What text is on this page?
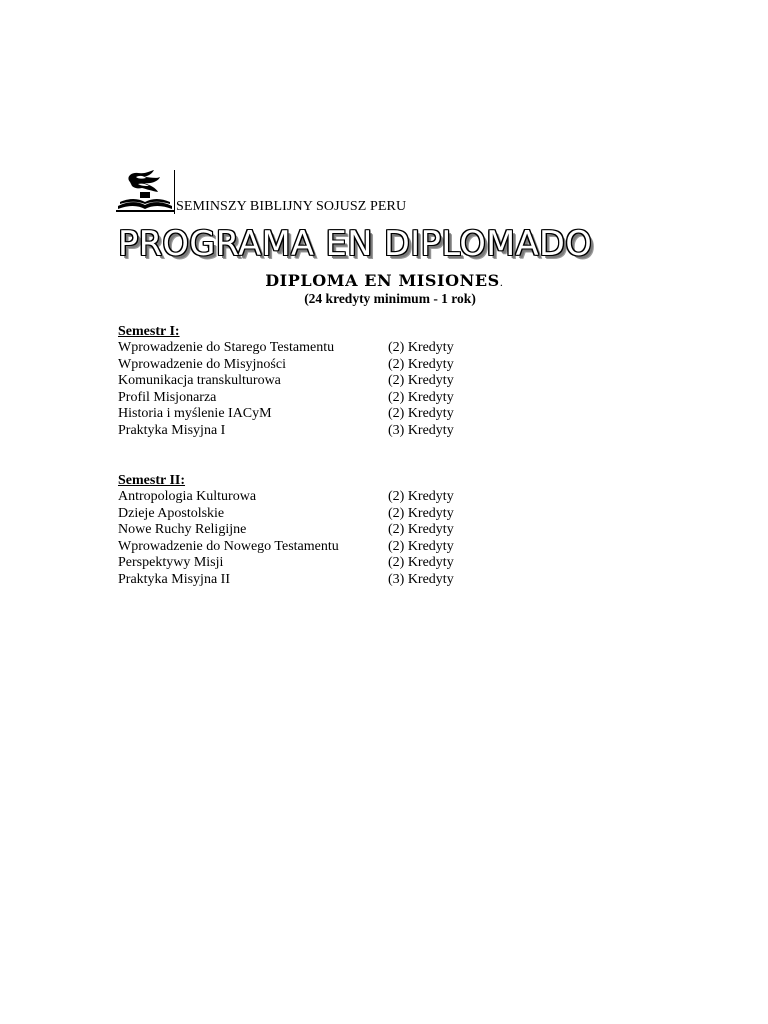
SEMINSZY BIBLIJNY SOJUSZ PERU
PROGRAMA EN DIPLOMADO
DIPLOMA EN MISIONES.
(24 kredyty minimum - 1 rok)
Semestr I:
Wprowadzenie do Starego Testamentu	(2) Kredyty
Wprowadzenie do Misyjności	(2) Kredyty
Komunikacja transkulturowa	(2) Kredyty
Profil Misjonarza	(2) Kredyty
Historia i myślenie IACyM	(2) Kredyty
Praktyka Misyjna I	(3) Kredyty
Semestr II:
Antropologia Kulturowa	(2) Kredyty
Dzieje Apostolskie	(2) Kredyty
Nowe Ruchy Religijne	(2) Kredyty
Wprowadzenie do Nowego Testamentu	(2) Kredyty
Perspektywy Misji	(2) Kredyty
Praktyka Misyjna II	(3) Kredyty
